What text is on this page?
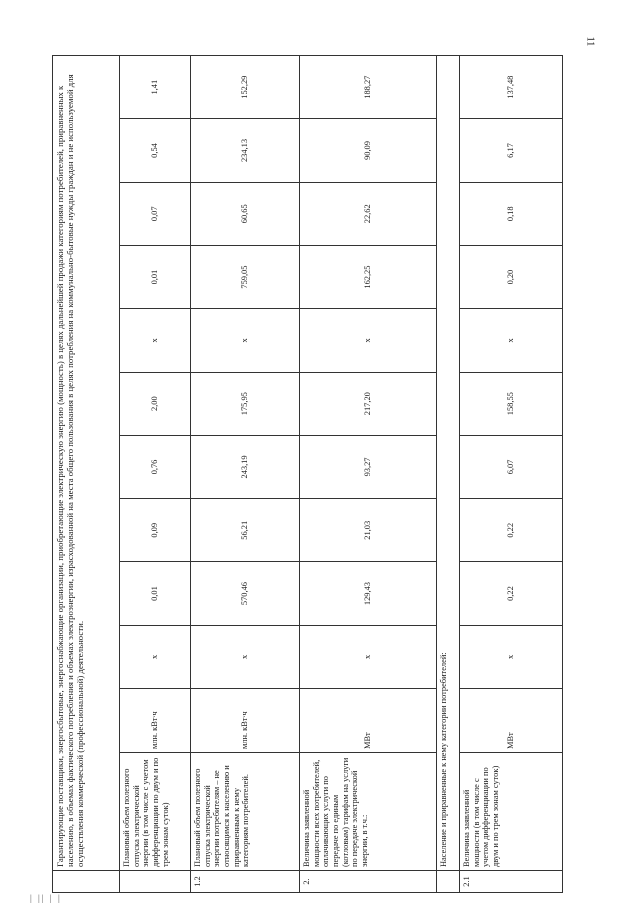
11
| || | |
	Гарантирующие поставщики, энергосбытовые, энергоснабжающие организации, приобретающие электрическую энергию (мощность) в целях дальнейшей продажи категориям потребителей, приравненных к населению, в объемах фактического потребления и объемах электроэнергии, израсходованной на места общего пользования в целях потребления на коммунально-бытовые нужды граждан и не используемой для осуществления коммерческой (профессиональной) деятельности.											
	Плановый объем полезного отпуска электрической энергии (в том числе с учетом дифференциации по двум и по трем зонам суток)	млн. кВт∙ч	x	0,01	0,09	0,76	2,00	x	0,01	0,07	0,54	1,41
1.2	Плановый объем полезного отпуска электрической энергии потребителям – не относящимся к населению и приравненным к нему категориям потребителей.	млн. кВт∙ч	x	570,46	56,21	243,19	175,95	x	759,05	60,65	234,13	152,29
2.	Величина заявленной мощности всех потребителей, оплачивающих услуги по передаче по единым (котловым) тарифам на услуги по передаче электрической энергии, в т.ч.:	МВт	x	129,43	21,03	93,27	217,20	x	162,25	22,62	90,09	188,27
	Население и приравненные к нему категории потребителей:											
2.1	Величина заявленной мощности (в том числе с учетом дифференциации по двум и по трем зонам суток)	МВт	x	0,22	0,22	6,07	158,55	x	0,20	0,18	6,17	137,48
